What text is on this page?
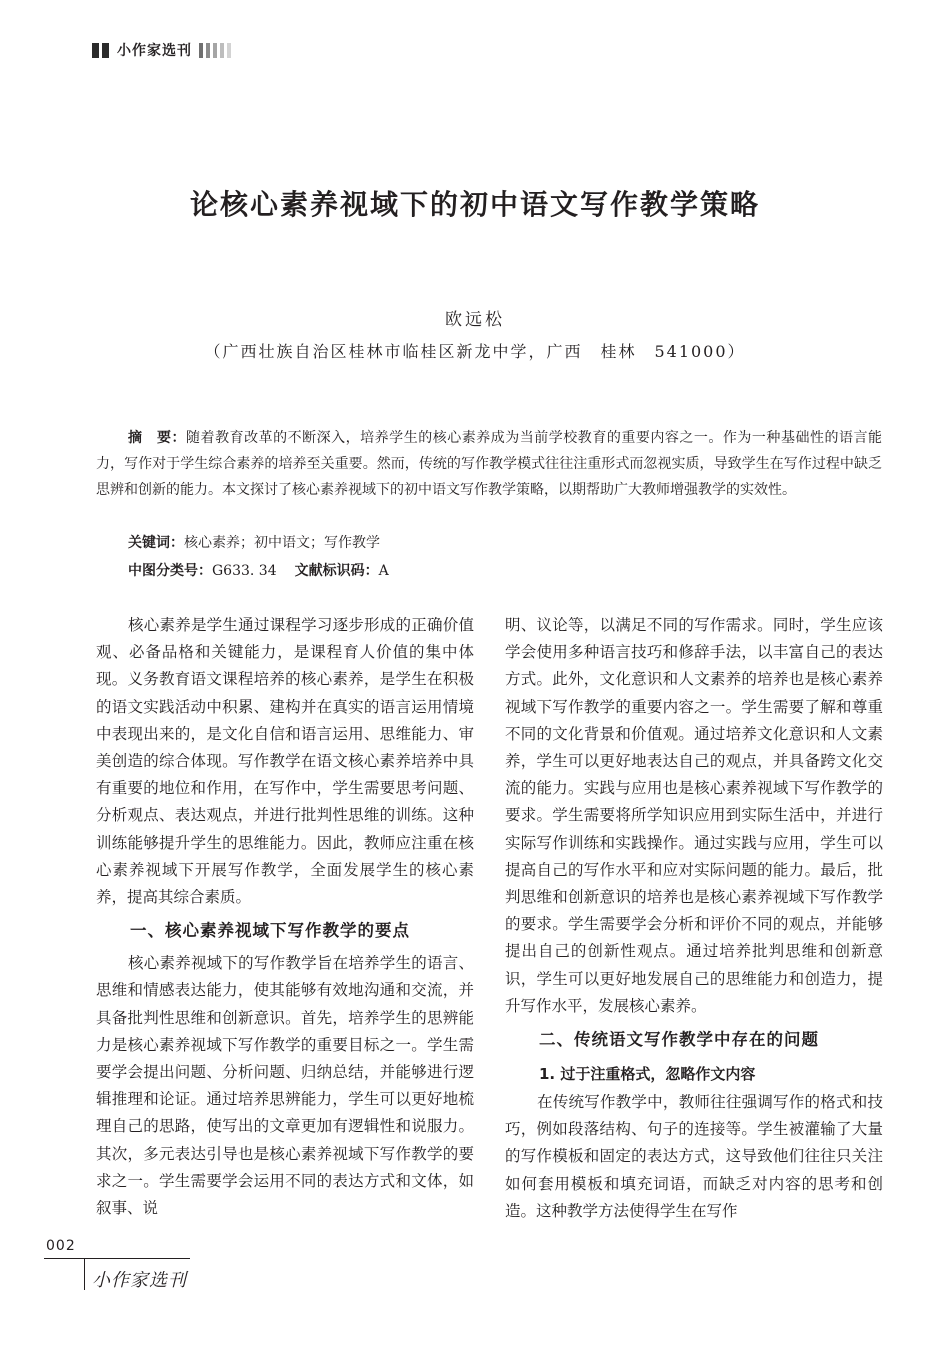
小作家选刊
论核心素养视域下的初中语文写作教学策略
欧远松
（广西壮族自治区桂林市临桂区新龙中学，广西　桂林　541000）

摘　要：随着教育改革的不断深入，培养学生的核心素养成为当前学校教育的重要内容之一。作为一种基础性的语言能力，写作对于学生综合素养的培养至关重要。然而，传统的写作教学模式往往注重形式而忽视实质，导致学生在写作过程中缺乏思辨和创新的能力。本文探讨了核心素养视域下的初中语文写作教学策略，以期帮助广大教师增强教学的实效性。

关键词：核心素养；初中语文；写作教学
中图分类号：G633. 34 文献标识码：A

核心素养是学生通过课程学习逐步形成的正确价值观、必备品格和关键能力，是课程育人价值的集中体现。义务教育语文课程培养的核心素养，是学生在积极的语文实践活动中积累、建构并在真实的语言运用情境中表现出来的，是文化自信和语言运用、思维能力、审美创造的综合体现。写作教学在语文核心素养培养中具有重要的地位和作用，在写作中，学生需要思考问题、分析观点、表达观点，并进行批判性思维的训练。这种训练能够提升学生的思维能力。因此，教师应注重在核心素养视域下开展写作教学，全面发展学生的核心素养，提高其综合素质。

一、核心素养视域下写作教学的要点

核心素养视域下的写作教学旨在培养学生的语言、思维和情感表达能力，使其能够有效地沟通和交流，并具备批判性思维和创新意识。首先，培养学生的思辨能力是核心素养视域下写作教学的重要目标之一。学生需要学会提出问题、分析问题、归纳总结，并能够进行逻辑推理和论证。通过培养思辨能力，学生可以更好地梳理自己的思路，使写出的文章更加有逻辑性和说服力。其次，多元表达引导也是核心素养视域下写作教学的要求之一。学生需要学会运用不同的表达方式和文体，如叙事、说

明、议论等，以满足不同的写作需求。同时，学生应该学会使用多种语言技巧和修辞手法，以丰富自己的表达方式。此外，文化意识和人文素养的培养也是核心素养视域下写作教学的重要内容之一。学生需要了解和尊重不同的文化背景和价值观。通过培养文化意识和人文素养，学生可以更好地表达自己的观点，并具备跨文化交流的能力。实践与应用也是核心素养视域下写作教学的要求。学生需要将所学知识应用到实际生活中，并进行实际写作训练和实践操作。通过实践与应用，学生可以提高自己的写作水平和应对实际问题的能力。最后，批判思维和创新意识的培养也是核心素养视域下写作教学的要求。学生需要学会分析和评价不同的观点，并能够提出自己的创新性观点。通过培养批判思维和创新意识，学生可以更好地发展自己的思维能力和创造力，提升写作水平，发展核心素养。

二、传统语文写作教学中存在的问题
1. 过于注重格式，忽略作文内容

在传统写作教学中，教师往往强调写作的格式和技巧，例如段落结构、句子的连接等。学生被灌输了大量的写作模板和固定的表达方式，这导致他们往往只关注如何套用模板和填充词语，而缺乏对内容的思考和创造。这种教学方法使得学生在写作

002
小作家选刊
